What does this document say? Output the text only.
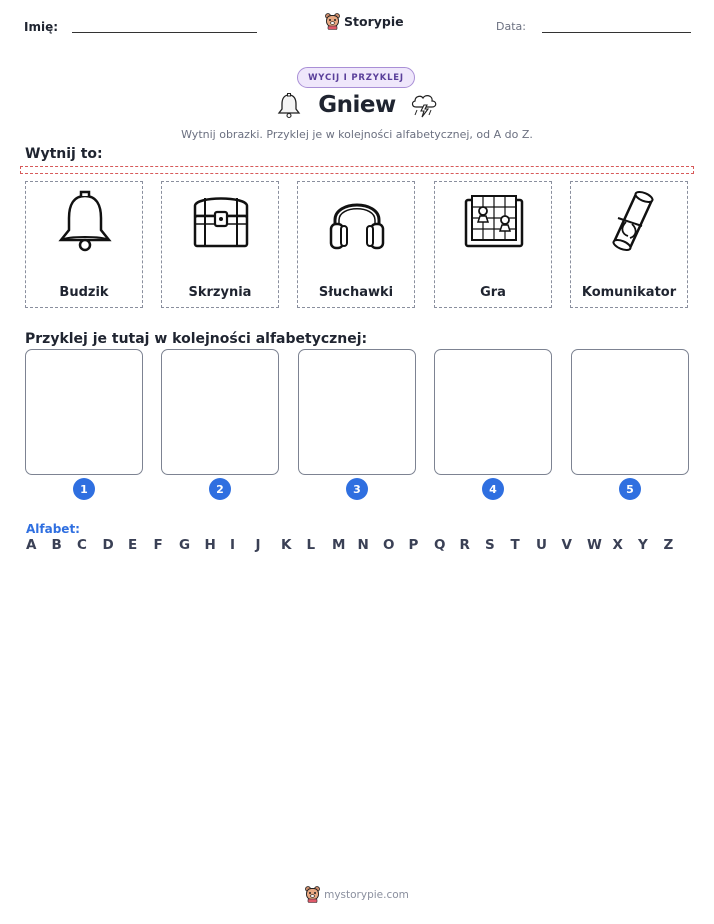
Imię:	Storypie	Data:
WYCIJ I PRZYKLEJ
Gniew
Wytnij obrazki. Przyklej je w kolejności alfabetycznej, od A do Z.
Wytnij to:
Budzik	Skrzynia	Słuchawki	Gra	Komunikator
Przyklej je tutaj w kolejności alfabetycznej:
1	2	3	4	5
Alfabet:
A	B	C	D	E	F	G	H	I	J	K	L	M N	O	P	Q	R	S	T	U	V	W X	Y	Z
mystorypie.com
